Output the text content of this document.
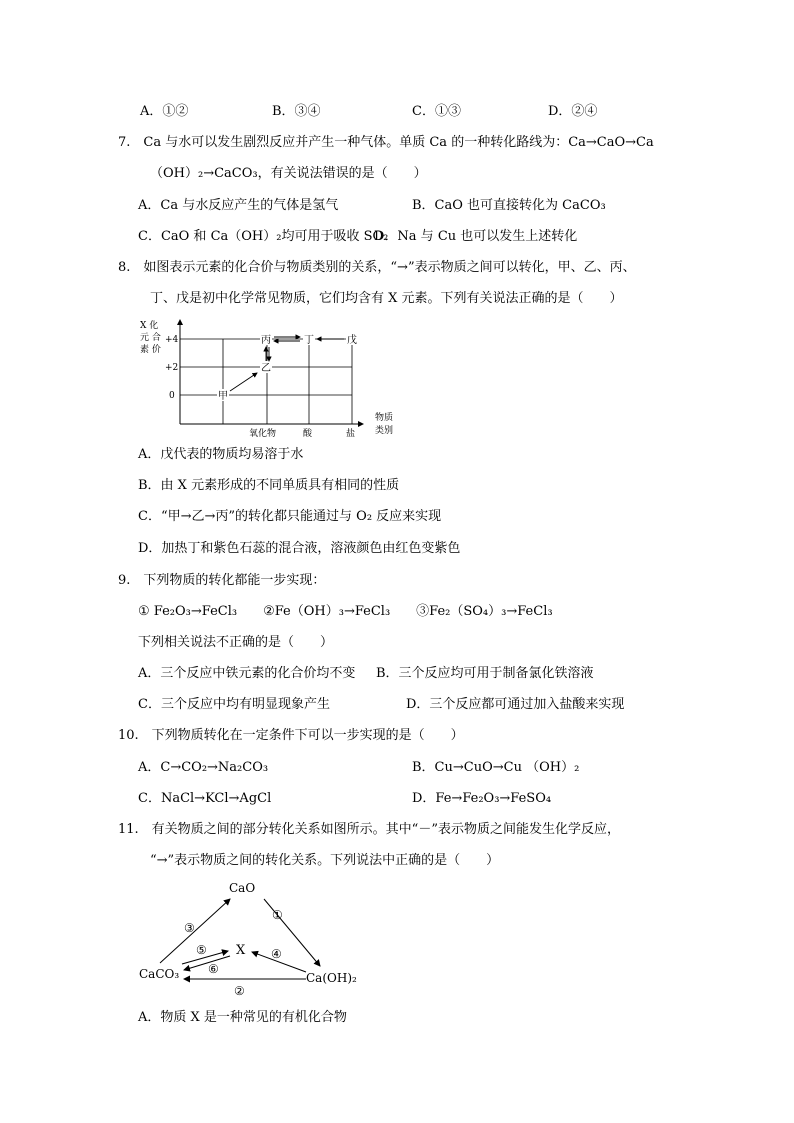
A．①②	B．③④	C．①③	D．②④
7.　Ca 与水可以发生剧烈反应并产生一种气体。单质 Ca 的一种转化路线为：Ca→CaO→Ca
（OH）₂→CaCO₃，有关说法错误的是（　　）
A．Ca 与水反应产生的气体是氢气	B．CaO 也可直接转化为 CaCO₃
C．CaO 和 Ca（OH）₂均可用于吸收 SO₂
D．Na 与 Cu 也可以发生上述转化
8.　如图表示元素的化合价与物质类别的关系，“→”表示物质之间可以转化，甲、乙、丙、
丁、戊是初中化学常见物质，它们均含有 X 元素。下列有关说法正确的是（　　）
X 化
元 合
素 价
+4
+2
0
氧化物	酸	盐
物质
类别
甲
乙
丙	丁	戊
A．戊代表的物质均易溶于水
B．由 X 元素形成的不同单质具有相同的性质
C．“甲→乙→丙”的转化都只能通过与 O₂ 反应来实现
D．加热丁和紫色石蕊的混合液，溶液颜色由红色变紫色
9.　下列物质的转化都能一步实现：
① Fe₂O₃→FeCl₃　　②Fe（OH）₃→FeCl₃　　③Fe₂（SO₄）₃→FeCl₃
下列相关说法不正确的是（　　）
A．三个反应中铁元素的化合价均不变 B．三个反应均可用于制备氯化铁溶液
C．三个反应中均有明显现象产生	D．三个反应都可通过加入盐酸来实现
10.　下列物质转化在一定条件下可以一步实现的是（　　）
A．C→CO₂→Na₂CO₃	B．Cu→CuO→Cu （OH）₂
C．NaCl→KCl→AgCl	D．Fe→Fe₂O₃→FeSO₄
11.　有关物质之间的部分转化关系如图所示。其中“－”表示物质之间能发生化学反应，
“→”表示物质之间的转化关系。下列说法中正确的是（　　）
CaO
CaCO₃	Ca(OH)₂
X
①
②
③
④
⑤
⑥
A．物质 X 是一种常见的有机化合物
